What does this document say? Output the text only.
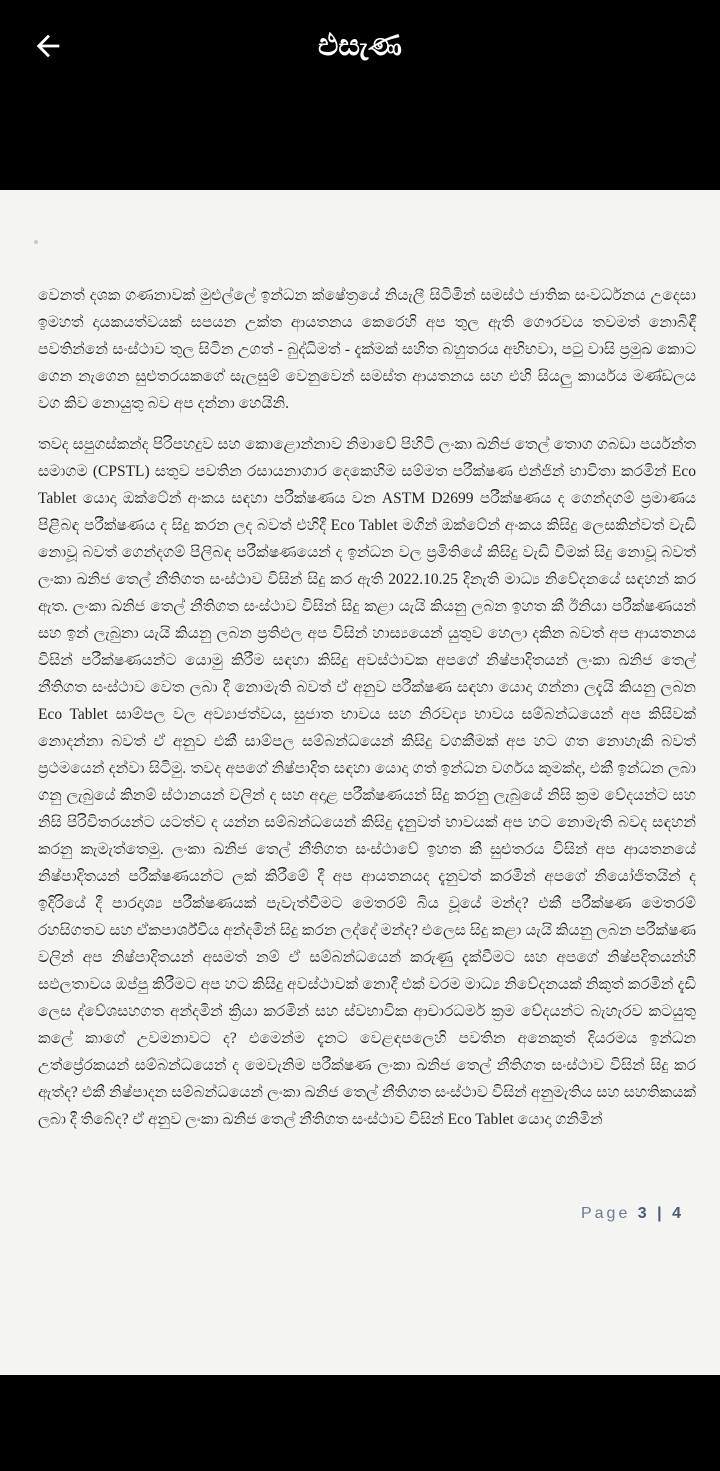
එසැණ

වෙනත් දශක ගණනාවක් මුළුල්ලේ ඉන්ධන ක්ෂේත්‍රයේ නියැලී සිටිමින් සමස්ථ ජාතික සංවර්ධනය උදෙසා ඉමහත් දායකයත්වයක් සපයන උක්ත ආයතනය කෙරෙහි අප තුල ඇති ගෞරවය තවමත් නොබිඳී පවතින්නේ සංස්ථාව තුල සිටින උගත් - බුද්ධිමත් - දැක්මක් සහිත බහුතරය අභිභවා, පටු වාසි ප්‍රමුඛ කොට ගෙන නැගෙන සුළුතරයකගේ සැලසුම් වෙනුවෙන් සමස්ත ආයතනය සහ එහි සියලු කාර්යය මණ්ඩලය වග කිව නොයුතු බව අප දන්නා හෙයිනි.

තවද සපුගස්කන්ද පිරිපහදුව සහ කොළොන්නාව නිමාවේ පිහිටි ලංකා ඛනිජ තෙල් තොග ගබඩා පර්යන්ත සමාගම (CPSTL) සතුව පවතින රසායනාගාර දෙකෙහිම සම්මත පරීක්ෂණ එන්ජින් භාවිතා කරමින් Eco Tablet යොදා ඔක්ටේන් අංකය සඳහා පරීක්ෂණය වන ASTM D2699 පරීක්ෂණය ද ගෙන්දගම් ප්‍රමාණය පිළිබඳ පරීක්ෂණය ද සිදු කරන ලද බවත් එහිදී Eco Tablet මගින් ඔක්ටේන් අංකය කිසිදු ලෙසකින්වත් වැඩි නොවූ බවත් ගෙන්දගම් පිලිබඳ පරීක්ෂණයෙන් ද ඉන්ධන වල ප්‍රමිතියේ කිසිදු වැඩි වීමක් සිදු නොවූ බවත් ලංකා ඛනිජ තෙල් නීතිගත සංස්ථාව විසින් සිදු කර ඇති 2022.10.25 දිනැති මාධ්‍ය නිවේදනයේ සඳහන් කර ඇත. ලංකා ඛනිජ තෙල් නීතිගත සංස්ථාව විසින් සිදු කළා යැයි කියනු ලබන ඉහත කී ඊනියා පරීක්ෂණයන් සහ ඉන් ලැබුනා යැයි කියනු ලබන ප්‍රතිඵල අප විසින් හාස්‍යයෙන් යුතුව හෙලා දකින බවත් අප ආයතනය විසින් පරීක්ෂණයන්ට යොමු කිරීම සඳහා කිසිදු අවස්ථාවක අපගේ නිෂ්පාදිතයන් ලංකා ඛනිජ තෙල් නීතිගත සංස්ථාව වෙත ලබා දී නොමැති බවත් ඒ අනුව පරීක්ෂණ සඳහා යොදා ගන්නා ලදැයි කියනු ලබන Eco Tablet සාම්පල වල අව්‍යාජත්වය, සුජාත භාවය සහ නිරවද්‍ය භාවය සම්බන්ධයෙන් අප කිසිවක් නොදන්නා බවත් ඒ අනුව එකී සාම්පල සම්බන්ධයෙන් කිසිදු වගකීමක් අප හට ගත නොහැකි බවත් ප්‍රථමයෙන් දන්වා සිටිමු. තවද අපගේ නිෂ්පාදිත සඳහා යොදා ගත් ඉන්ධන වර්ගය කුමක්ද, එකී ඉන්ධන ලබා ගනු ලැබුයේ කිනම් ස්ථානයන් වලින් ද සහ අදාළ පරීක්ෂණයන් සිදු කරනු ලැබුයේ නිසි ක්‍රම වේදයන්ට සහ නිසි පිරිවිතරයන්ට යටත්ව ද යන්න සම්බන්ධයෙන් කිසිදු දැනුවත් භාවයක් අප හට නොමැති බවද සඳහන් කරනු කැමැත්තෙමු. ලංකා ඛනිජ තෙල් නීතිගත සංස්ථාවේ ඉහත කී සුළුතරය විසින් අප ආයතනයේ නිෂ්පාදිතයන් පරීක්ෂණයන්ට ලක් කිරීමේ දී අප ආයතනයද දැනුවත් කරමින් අපගේ නියෝජිතයින් ද ඉදිරියේ දී පාරදෘශ්‍ය පරීක්ෂණයක් පැවැත්වීමට මෙතරම් බිය වූයේ මන්ද? එකී පරීක්ෂණ මෙතරම් රහසිගතව සහ ඒකපාර්ශ්විය අන්දමින් සිදු කරන ලද්දේ මන්ද? එලෙස සිදු කළා යැයි කියනු ලබන පරීක්ෂණ වලින් අප නිෂ්පාදිතයන් අසමත් නම් ඒ සම්බන්ධයෙන් කරුණු දැක්වීමට සහ අපගේ නිෂ්පදිතයන්හි සඵලතාවය ඔප්පු කිරීමට අප හට කිසිදු අවස්ථාවක් නොදී එක් වරම මාධ්‍ය නිවේදනයක් නිකුත් කරමින් දැඩි ලෙස ද්වේශසහගත අන්දමින් ක්‍රියා කරමින් සහ ස්වභාවික ආචාරධර්ම ක්‍රම වේදයන්ට බැහැරව කටයුතු කලේ කාගේ උවමනාවට ද? එමෙන්ම දැනට වෙළඳපලෙහි පවතින අනෙකුත් දියරමය ඉන්ධන උත්ප්‍රේරකයන් සම්බන්ධයෙන් ද මෙවැනිම පරීක්ෂණ ලංකා ඛනිජ තෙල් නීතිගත සංස්ථාව විසින් සිදු කර ඇත්ද? එකී නිෂ්පාදන සම්බන්ධයෙන් ලංකා ඛනිජ තෙල් නීතිගත සංස්ථාව විසින් අනුමැතිය සහ සහතිකයක් ලබා දී තිබේද? ඒ අනුව ලංකා ඛනිජ තෙල් නීතිගත සංස්ථාව විසින් Eco Tablet යොදා ගනිමින්

Page 3 | 4
